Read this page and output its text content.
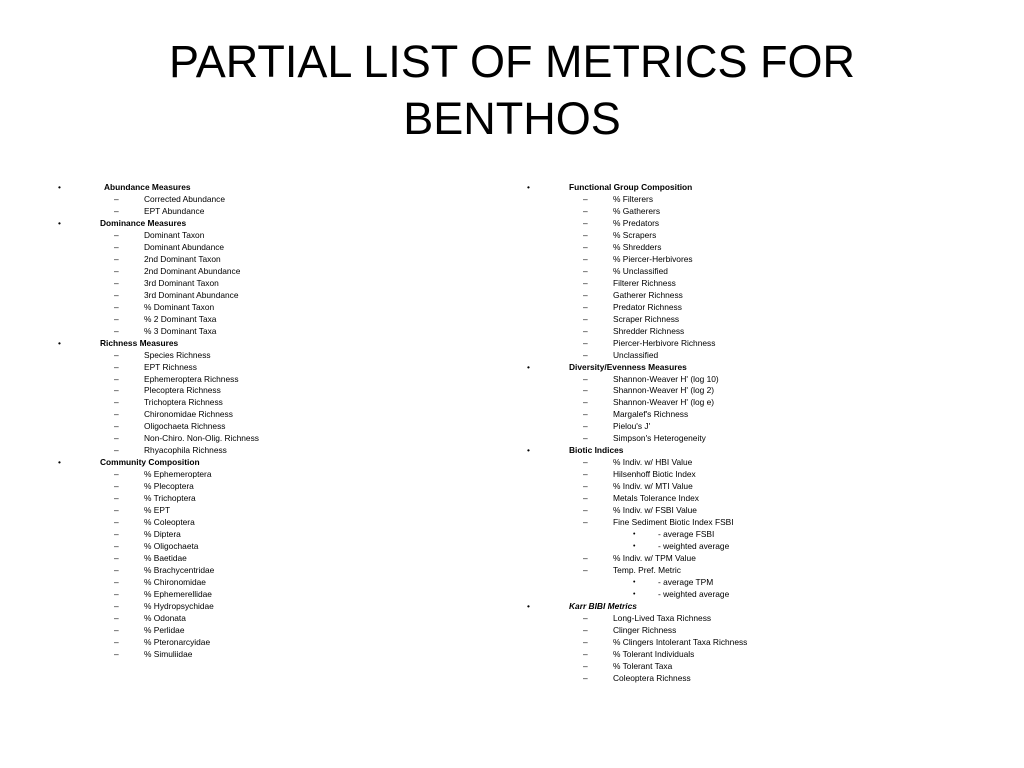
PARTIAL LIST OF METRICS FOR
BENTHOS
•	Abundance Measures
–	Corrected Abundance
–	EPT Abundance
•	Dominance Measures
–	Dominant Taxon
–	Dominant Abundance
–	2nd Dominant Taxon
–	2nd Dominant Abundance
–	3rd Dominant Taxon
–	3rd Dominant Abundance
–	% Dominant Taxon
–	% 2 Dominant Taxa
–	% 3 Dominant Taxa
•	Richness Measures
–	Species Richness
–	EPT Richness
–	Ephemeroptera Richness
–	Plecoptera Richness
–	Trichoptera Richness
–	Chironomidae Richness
–	Oligochaeta Richness
–	Non-Chiro. Non-Olig. Richness
–	Rhyacophila Richness
•	Community Composition
–	% Ephemeroptera
–	% Plecoptera
–	% Trichoptera
–	% EPT
–	% Coleoptera
–	% Diptera
–	% Oligochaeta
–	% Baetidae
–	% Brachycentridae
–	% Chironomidae
–	% Ephemerellidae
–	% Hydropsychidae
–	% Odonata
–	% Perlidae
–	% Pteronarcyidae
–	% Simuliidae
•	Functional Group Composition
–	% Filterers
–	% Gatherers
–	% Predators
–	% Scrapers
–	% Shredders
–	% Piercer-Herbivores
–	% Unclassified
–	Filterer Richness
–	Gatherer Richness
–	Predator Richness
–	Scraper Richness
–	Shredder Richness
–	Piercer-Herbivore Richness
–	Unclassified
•	Diversity/Evenness Measures
–	Shannon-Weaver H' (log 10)
–	Shannon-Weaver H' (log 2)
–	Shannon-Weaver H' (log e)
–	Margalef's Richness
–	Pielou's J'
–	Simpson's Heterogeneity
•	Biotic Indices
–	% Indiv. w/ HBI Value
–	Hilsenhoff Biotic Index
–	% Indiv. w/ MTI Value
–	Metals Tolerance Index
–	% Indiv. w/ FSBI Value
–	Fine Sediment Biotic Index FSBI
•	- average FSBI
•	- weighted average
–	% Indiv. w/ TPM Value
–	Temp. Pref. Metric
•	- average TPM
•	- weighted average
•	Karr BIBI Metrics
–	Long-Lived Taxa Richness
–	Clinger Richness
–	% Clingers Intolerant Taxa Richness
–	% Tolerant Individuals
–	% Tolerant Taxa
–	Coleoptera Richness
